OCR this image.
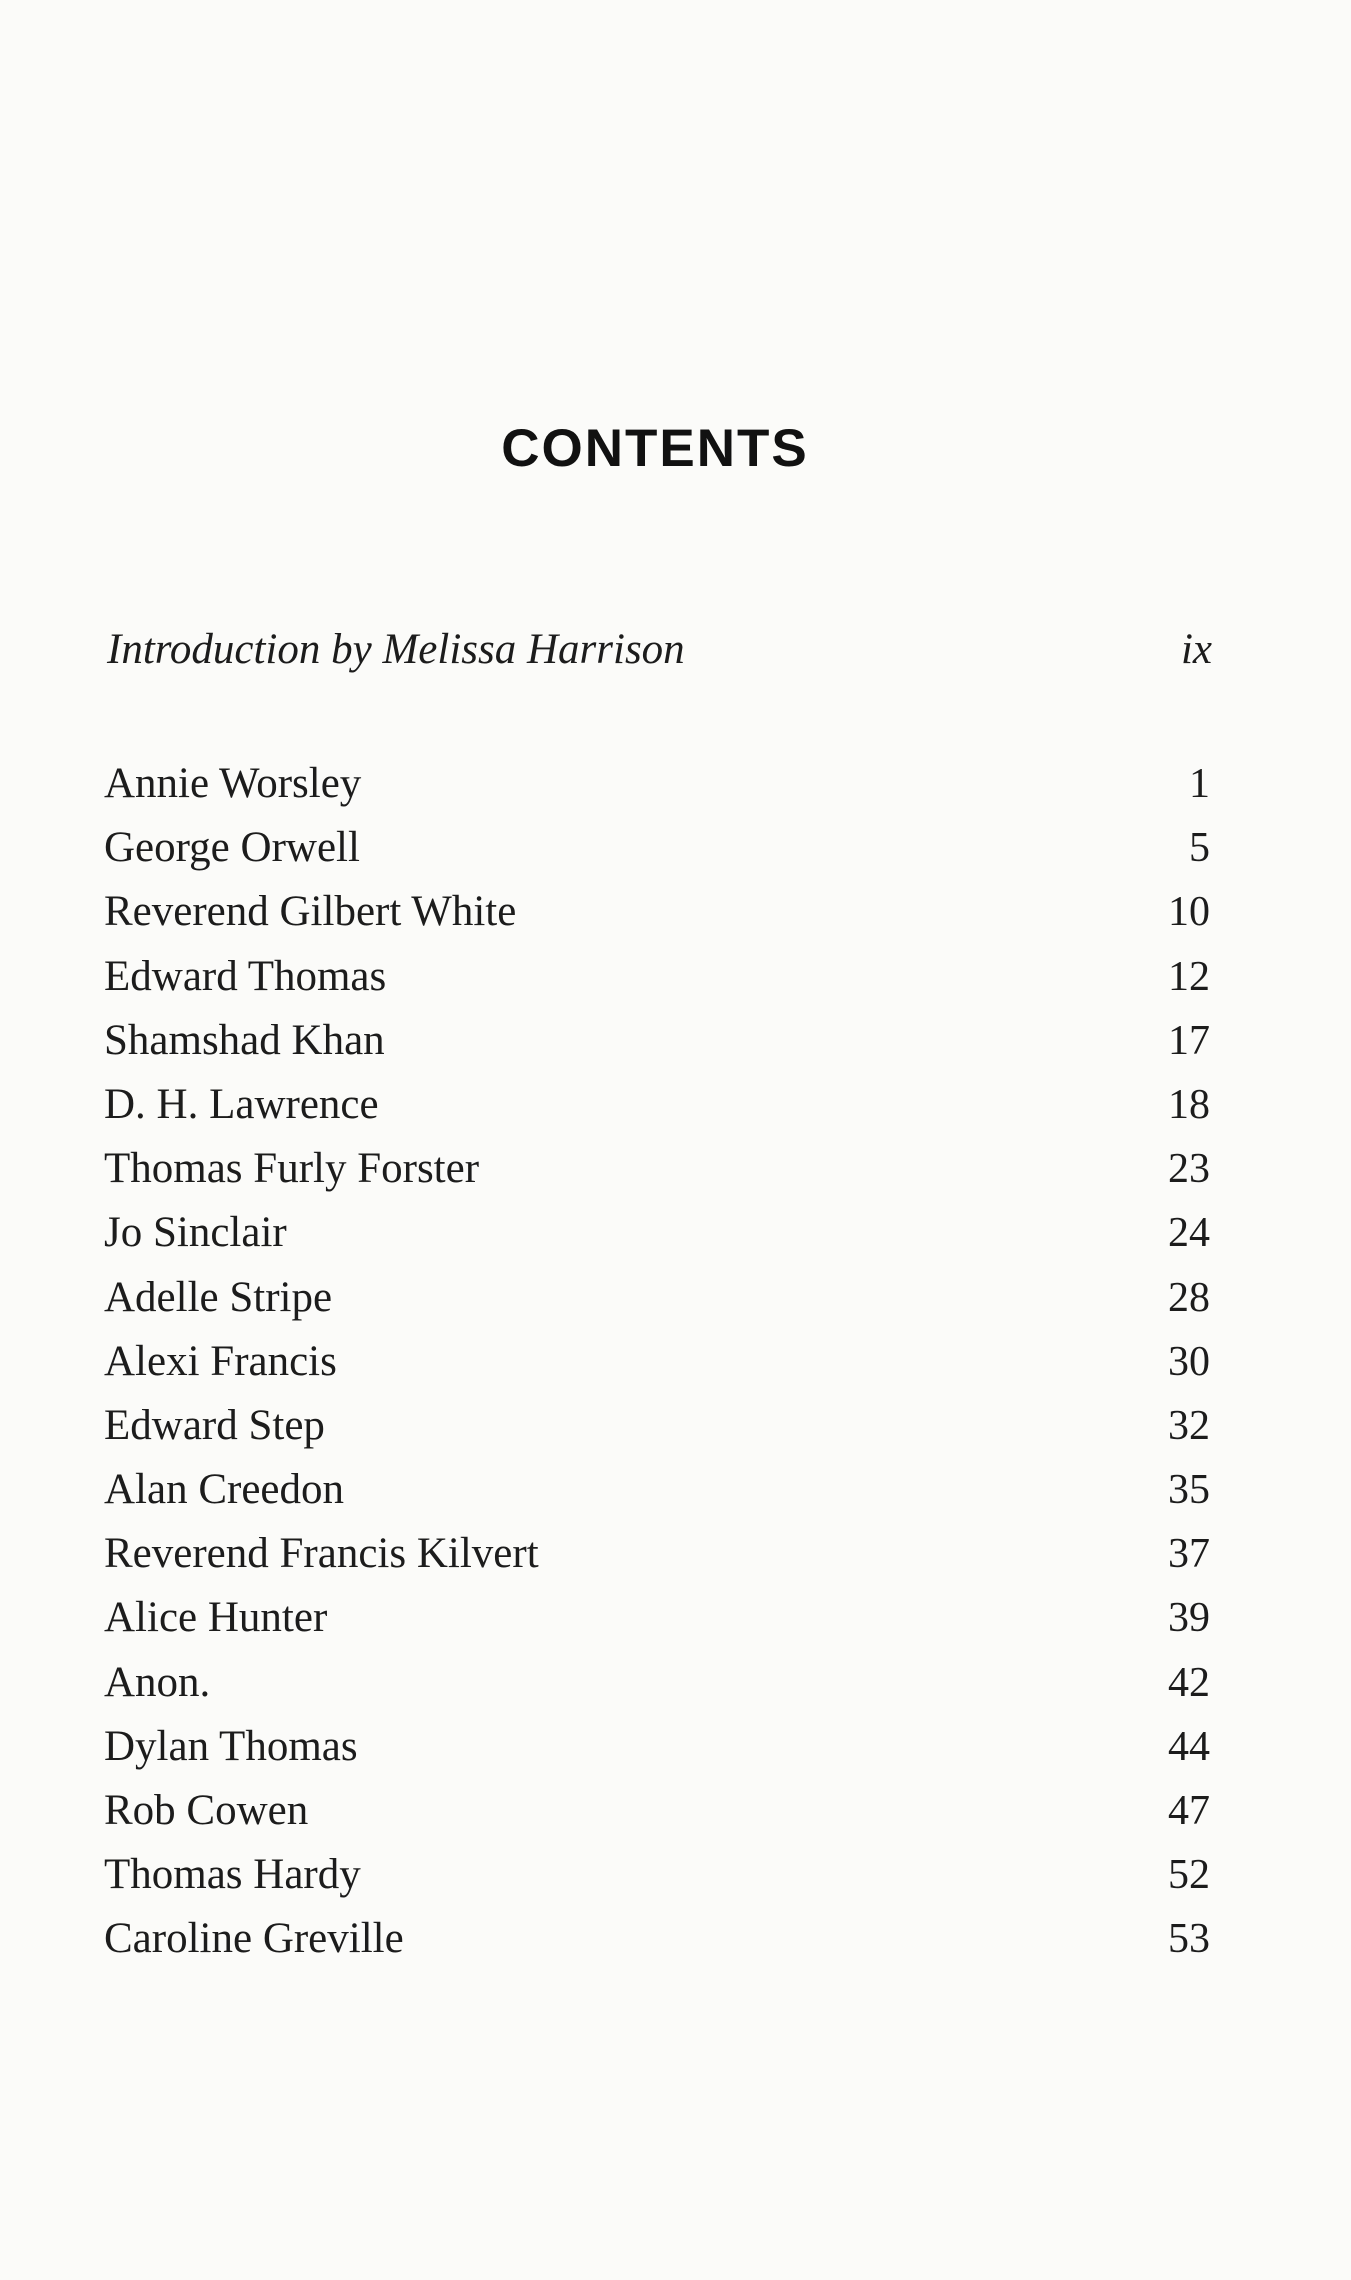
CONTENTS
Introduction by Melissa Harrison	ix
Annie Worsley	1
George Orwell	5
Reverend Gilbert White	10
Edward Thomas	12
Shamshad Khan	17
D. H. Lawrence	18
Thomas Furly Forster	23
Jo Sinclair	24
Adelle Stripe	28
Alexi Francis	30
Edward Step	32
Alan Creedon	35
Reverend Francis Kilvert	37
Alice Hunter	39
Anon.	42
Dylan Thomas	44
Rob Cowen	47
Thomas Hardy	52
Caroline Greville	53
